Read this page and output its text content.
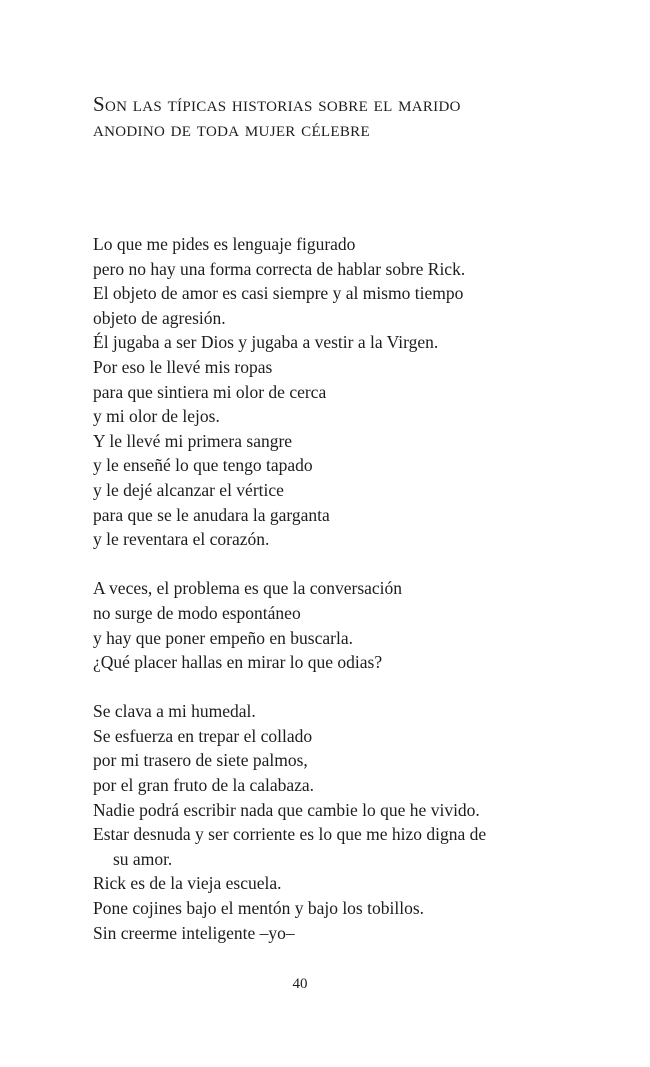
Son las típicas historias sobre el marido
anodino de toda mujer célebre

Lo que me pides es lenguaje figurado
pero no hay una forma correcta de hablar sobre Rick.
El objeto de amor es casi siempre y al mismo tiempo
objeto de agresión.
Él jugaba a ser Dios y jugaba a vestir a la Virgen.
Por eso le llevé mis ropas
para que sintiera mi olor de cerca
y mi olor de lejos.
Y le llevé mi primera sangre
y le enseñé lo que tengo tapado
y le dejé alcanzar el vértice
para que se le anudara la garganta
y le reventara el corazón.

A veces, el problema es que la conversación
no surge de modo espontáneo
y hay que poner empeño en buscarla.
¿Qué placer hallas en mirar lo que odias?

Se clava a mi humedal.
Se esfuerza en trepar el collado
por mi trasero de siete palmos,
por el gran fruto de la calabaza.
Nadie podrá escribir nada que cambie lo que he vivido.
Estar desnuda y ser corriente es lo que me hizo digna de
su amor.
Rick es de la vieja escuela.
Pone cojines bajo el mentón y bajo los tobillos.
Sin creerme inteligente –yo–

40
